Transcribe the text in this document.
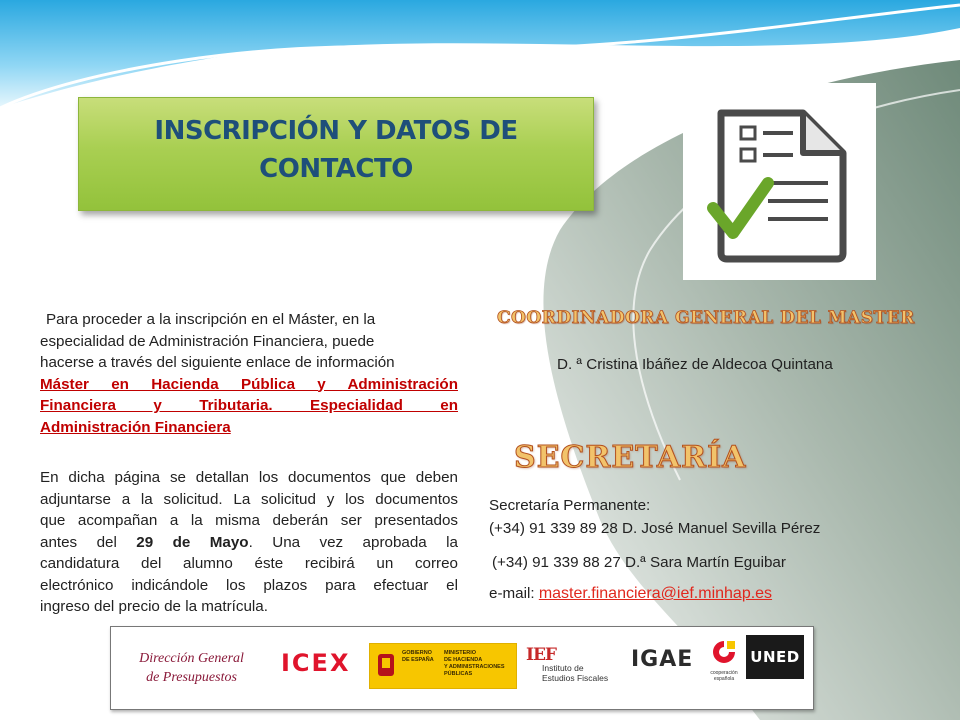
INSCRIPCIÓN Y DATOS DE
CONTACTO
Para proceder a la inscripción en el Máster, en la
especialidad de Administración Financiera, puede
hacerse a través del siguiente enlace de información
Máster en Hacienda Pública y Administración
Financiera y Tributaria. Especialidad en
Administración Financiera
En dicha página se detallan los documentos que deben
adjuntarse a la solicitud. La solicitud y los documentos
que acompañan a la misma deberán ser presentados
antes del 29 de Mayo. Una vez aprobada la
candidatura del alumno éste recibirá un correo
electrónico indicándole los plazos para efectuar el
ingreso del precio de la matrícula.
COORDINADORA GENERAL DEL MASTER
D. ª Cristina Ibáñez de Aldecoa Quintana
SECRETARÍA
Secretaría Permanente:
(+34) 91 339 89 28 D. José Manuel Sevilla Pérez
(+34) 91 339 88 27 D.ª Sara Martín Eguibar
e-mail: master.financiera@ief.minhap.es
Dirección General
de Presupuestos
ICEX	GOBIERNO
DE ESPAÑA
MINISTERIO
DE HACIENDA
Y ADMINISTRACIONES PÚBLICAS
IEF
Instituto de
Estudios Fiscales
IGAE
cooperación
española
UNED
